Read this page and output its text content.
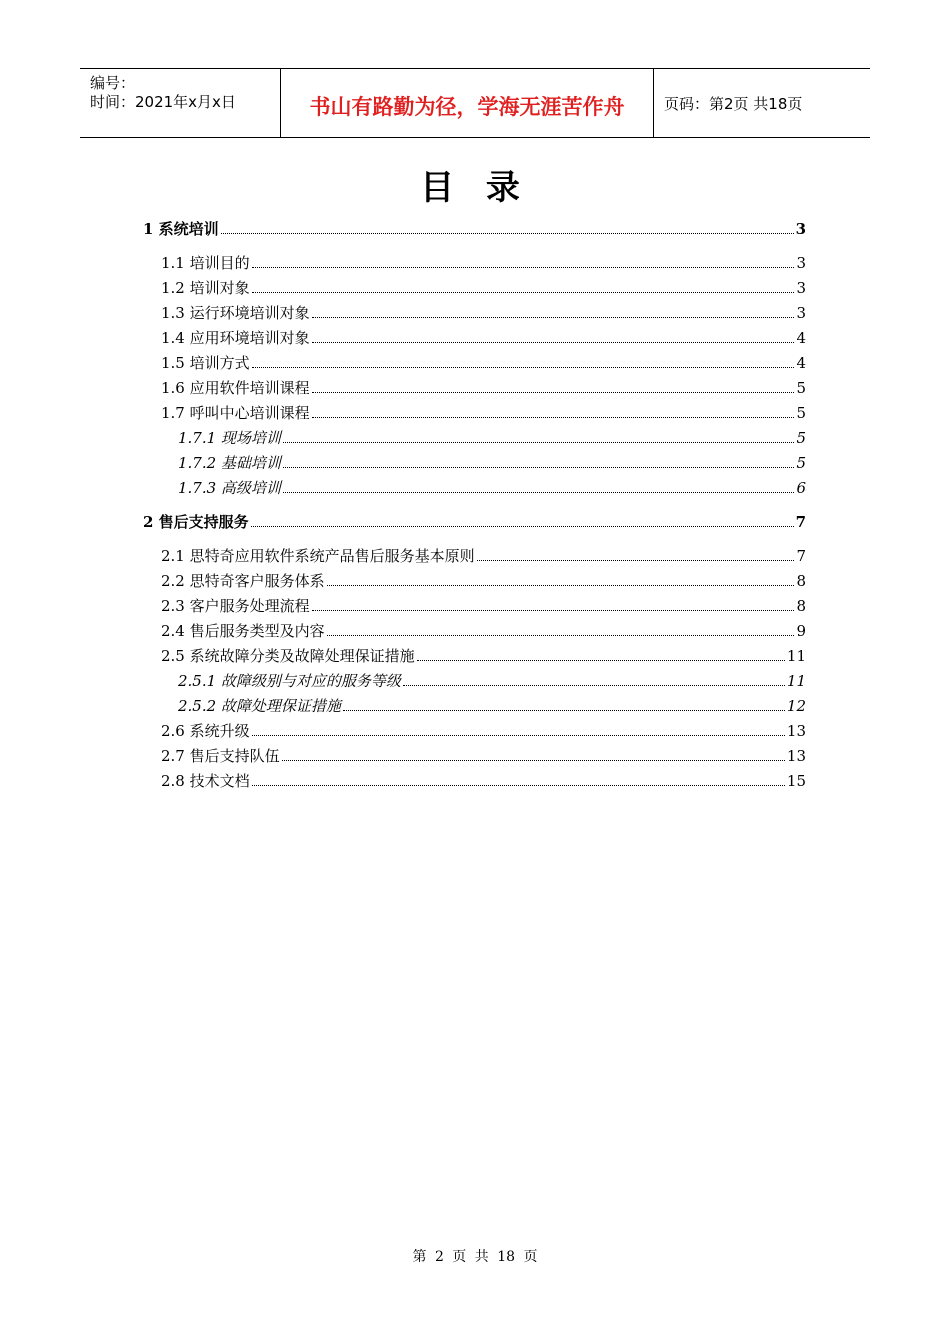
编号：
时间：2021年x月x日	书山有路勤为径，学海无涯苦作舟	页码：第2页 共18页
目 录
1 系统培训	3
1.1 培训目的	3
1.2 培训对象	3
1.3 运行环境培训对象	3
1.4 应用环境培训对象	4
1.5 培训方式	4
1.6 应用软件培训课程	5
1.7 呼叫中心培训课程	5
1.7.1 现场培训	5
1.7.2 基础培训	5
1.7.3 高级培训	6
2 售后支持服务	7
2.1 思特奇应用软件系统产品售后服务基本原则	7
2.2 思特奇客户服务体系	8
2.3 客户服务处理流程	8
2.4 售后服务类型及内容	9
2.5 系统故障分类及故障处理保证措施	11
2.5.1 故障级别与对应的服务等级	11
2.5.2 故障处理保证措施	12
2.6 系统升级	13
2.7 售后支持队伍	13
2.8 技术文档	15
第 2 页 共 18 页
